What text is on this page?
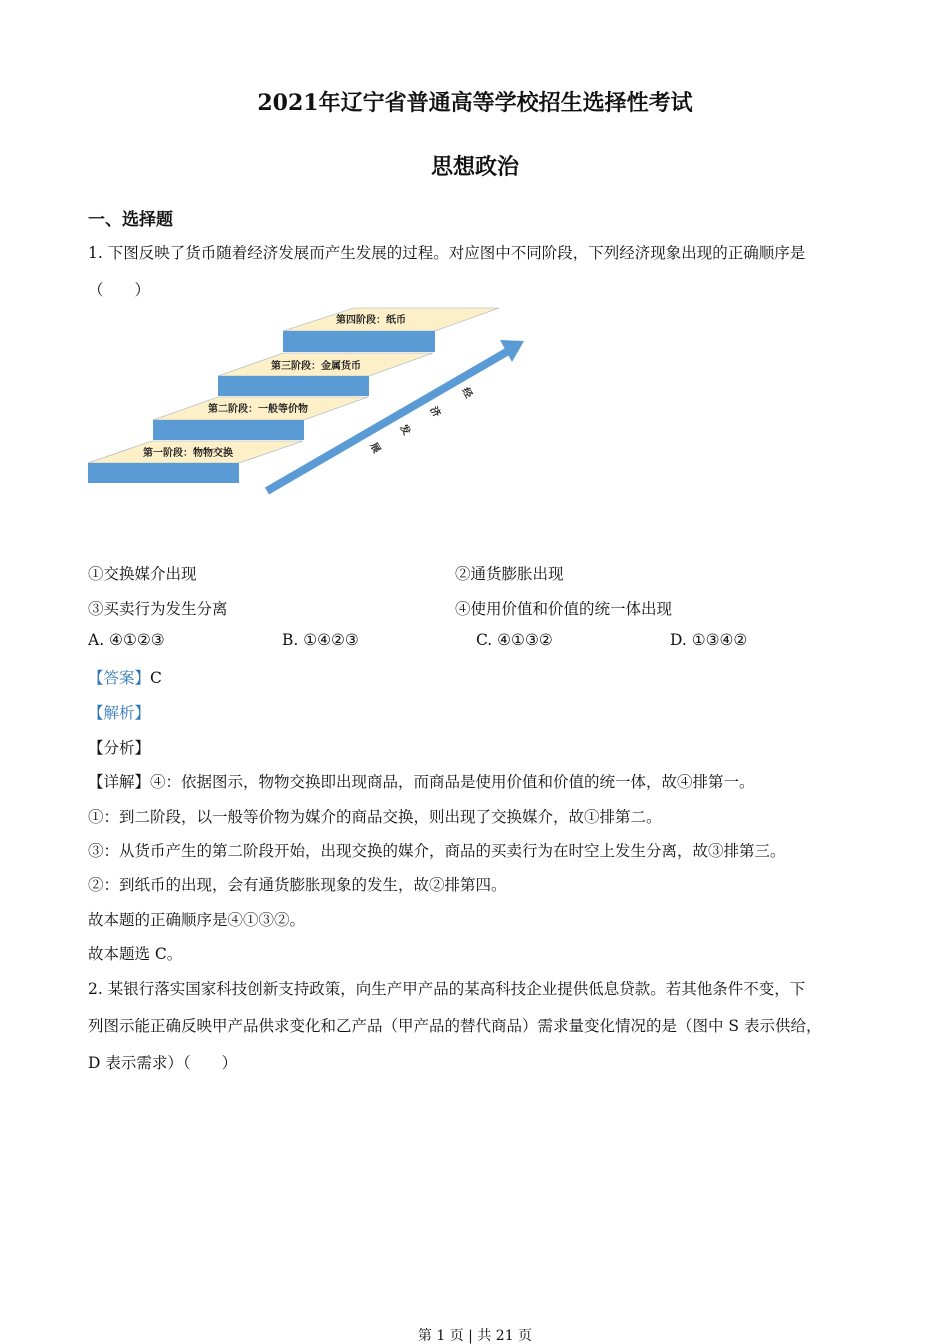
2021年辽宁省普通高等学校招生选择性考试
思想政治
一、选择题
1. 下图反映了货币随着经济发展而产生发展的过程。对应图中不同阶段，下列经济现象出现的正确顺序是
（　　）
第一阶段：物物交换
第二阶段：一般等价物
第三阶段：金属货币
第四阶段：纸币
经
济
发
展
①交换媒介出现	②通货膨胀出现
③买卖行为发生分离	④使用价值和价值的统一体出现
A. ④①②③	B. ①④②③	C. ④①③②	D. ①③④②
【答案】C
【解析】
【分析】
【详解】④：依据图示，物物交换即出现商品，而商品是使用价值和价值的统一体，故④排第一。
①：到二阶段，以一般等价物为媒介的商品交换，则出现了交换媒介，故①排第二。
③：从货币产生的第二阶段开始，出现交换的媒介，商品的买卖行为在时空上发生分离，故③排第三。
②：到纸币的出现，会有通货膨胀现象的发生，故②排第四。
故本题的正确顺序是④①③②。
故本题选 C。
2. 某银行落实国家科技创新支持政策，向生产甲产品的某高科技企业提供低息贷款。若其他条件不变，下
列图示能正确反映甲产品供求变化和乙产品（甲产品的替代商品）需求量变化情况的是（图中 S 表示供给，
D 表示需求）（　　）
第 1 页 | 共 21 页
